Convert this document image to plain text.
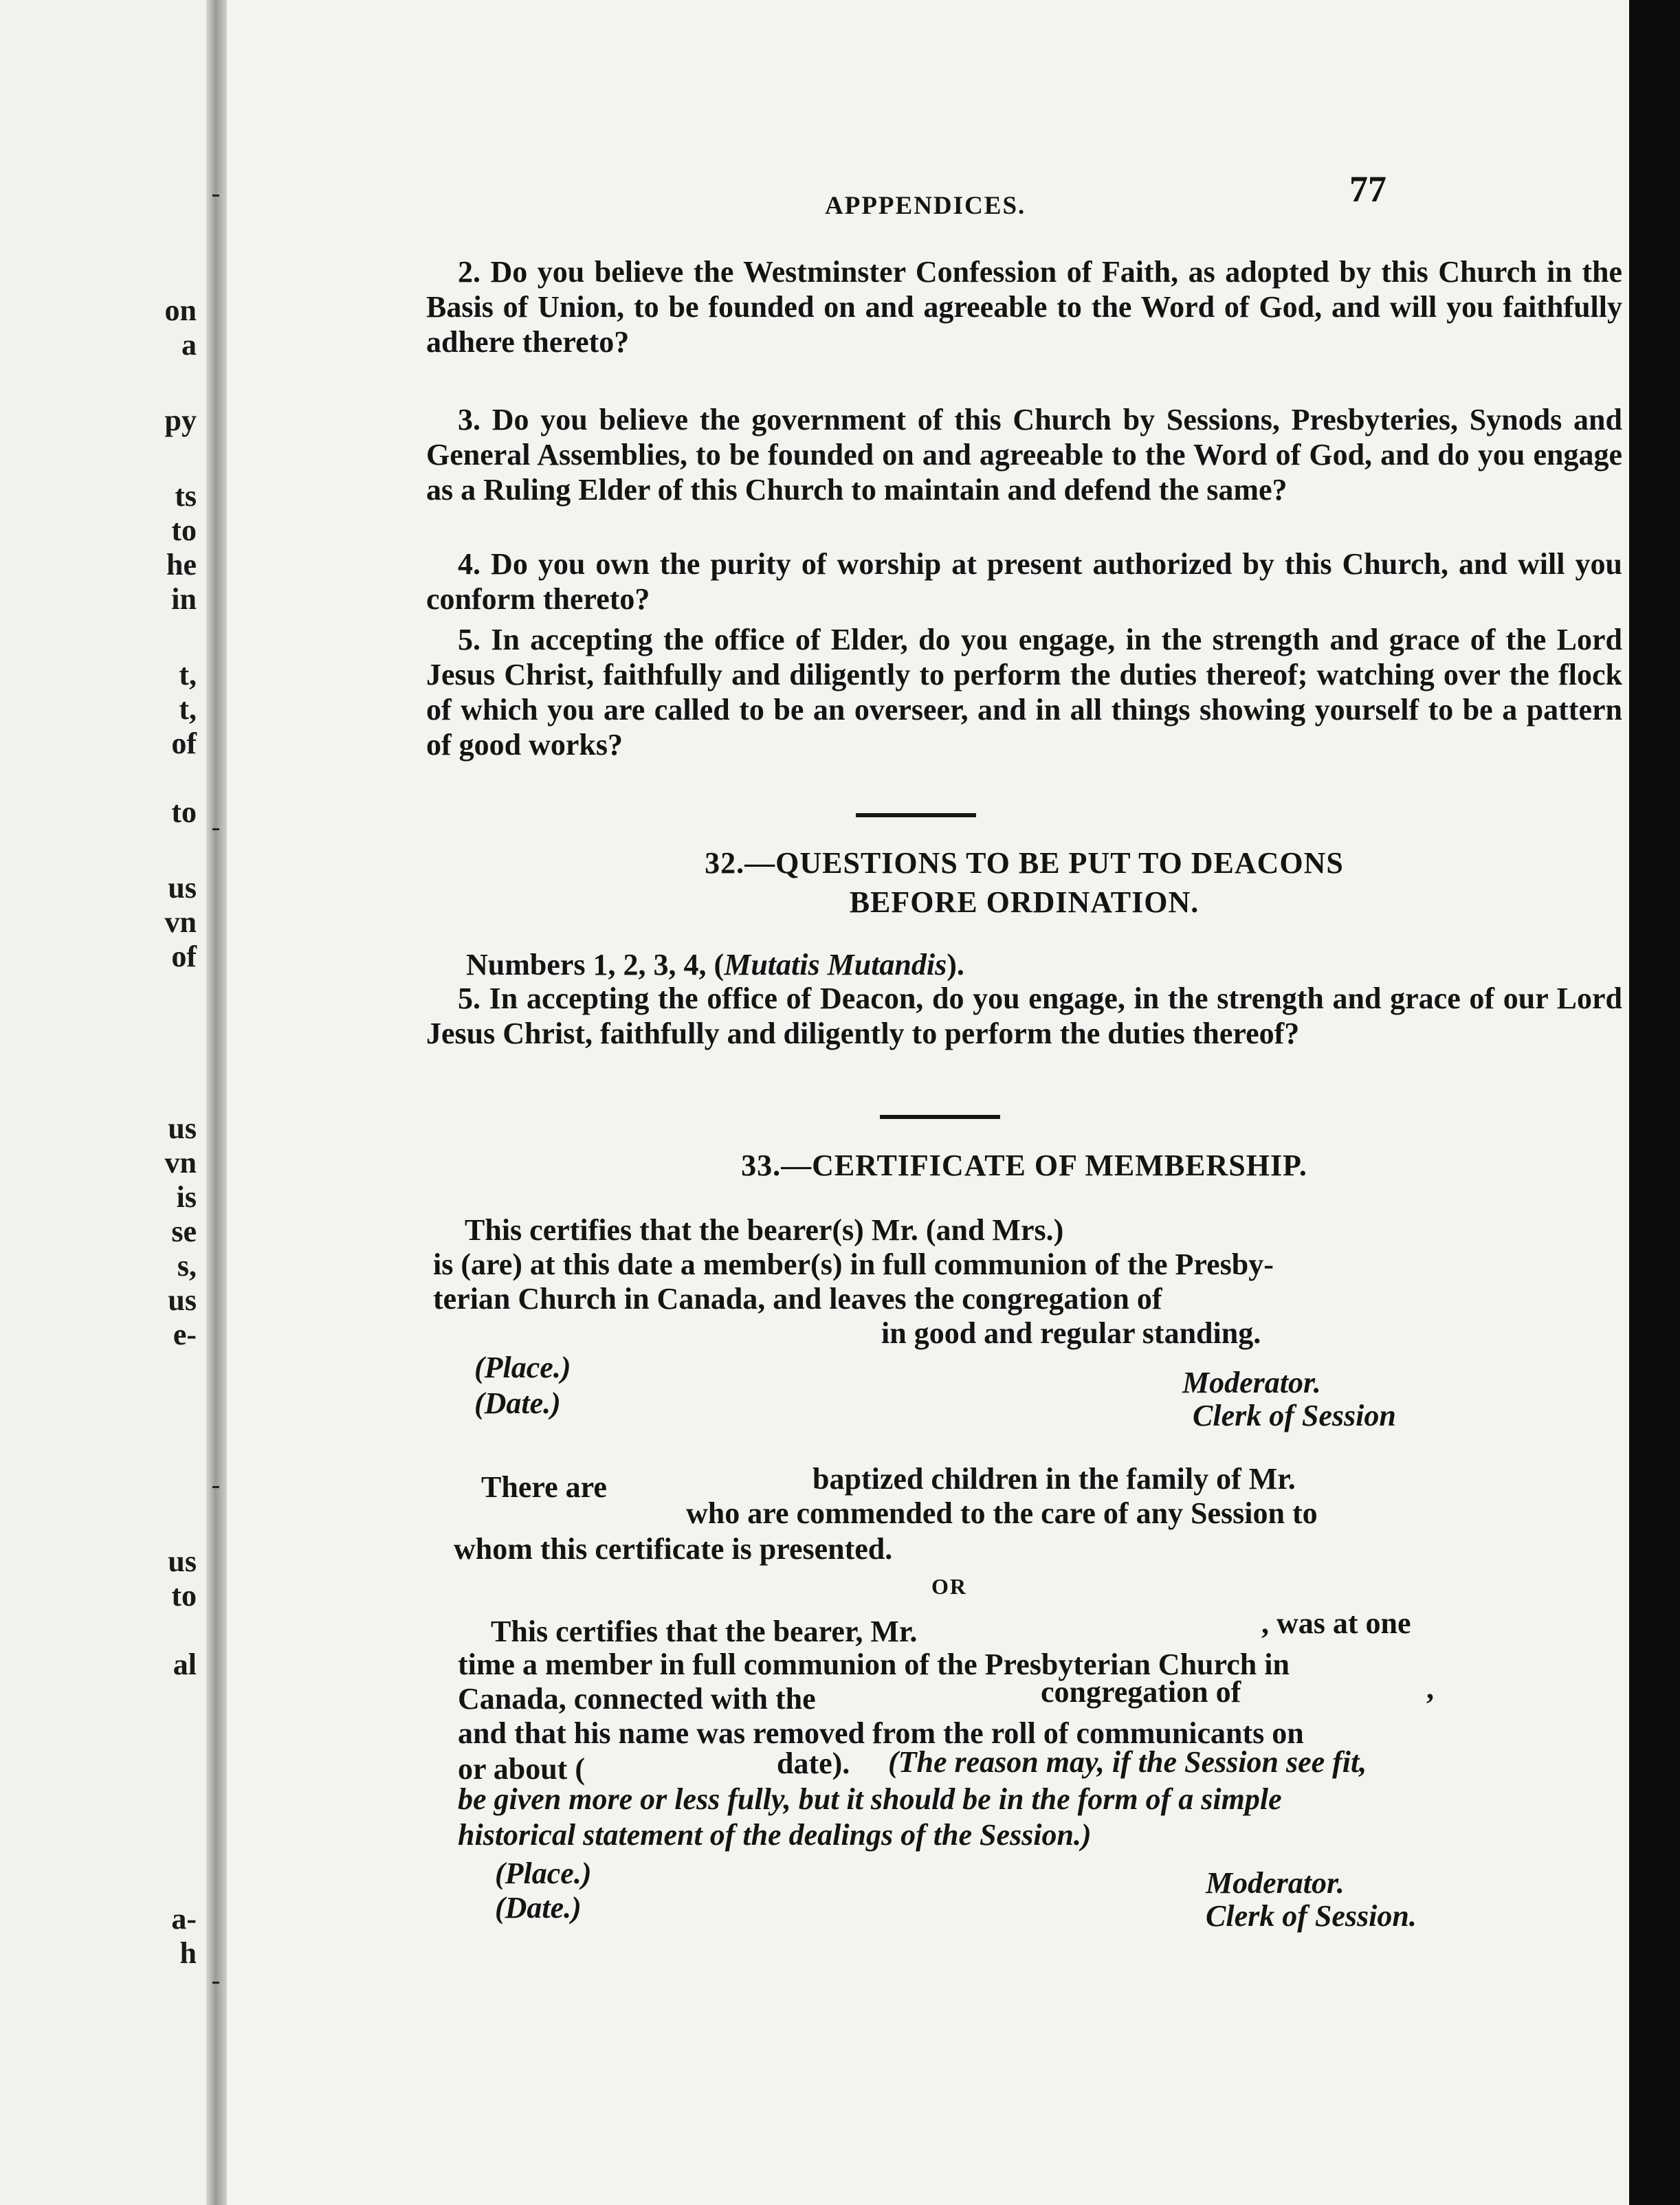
on
a
py
ts
to
he
in
t,
t,
of
to
us
vn
of
us
vn
is
se
s,
us
e-
us
to
al
a-
h
APPPENDICES.	77
2. Do you believe the Westminster Confession of Faith, as adopted by this Church in the Basis of Union, to be founded on and agreeable to the Word of God, and will you faithfully adhere thereto?
3. Do you believe the government of this Church by Sessions, Presbyteries, Synods and General Assemblies, to be founded on and agreeable to the Word of God, and do you engage as a Ruling Elder of this Church to maintain and defend the same?
4. Do you own the purity of worship at present authorized by this Church, and will you conform thereto?
5. In accepting the office of Elder, do you engage, in the strength and grace of the Lord Jesus Christ, faithfully and diligently to perform the duties thereof; watching over the flock of which you are called to be an overseer, and in all things showing yourself to be a pattern of good works?
32.—QUESTIONS TO BE PUT TO DEACONS
BEFORE ORDINATION.
Numbers 1, 2, 3, 4, (Mutatis Mutandis).
5. In accepting the office of Deacon, do you engage, in the strength and grace of our Lord Jesus Christ, faithfully and diligently to perform the duties thereof?
33.—CERTIFICATE OF MEMBERSHIP.
This certifies that the bearer(s) Mr. (and Mrs.)
is (are) at this date a member(s) in full communion of the Presby-
terian Church in Canada, and leaves the congregation of
in good and regular standing.
(Place.)
(Date.)
Moderator.
Clerk of Session
There are	baptized children in the family of Mr.
who are commended to the care of any Session to
whom this certificate is presented.
OR
This certifies that the bearer, Mr.	, was at one
time a member in full communion of the Presbyterian Church in
Canada, connected with the	congregation of	,
and that his name was removed from the roll of communicants on
or about (	date). (The reason may, if the Session see fit,
be given more or less fully, but it should be in the form of a simple
historical statement of the dealings of the Session.)
(Place.)
(Date.)
Moderator.
Clerk of Session.
